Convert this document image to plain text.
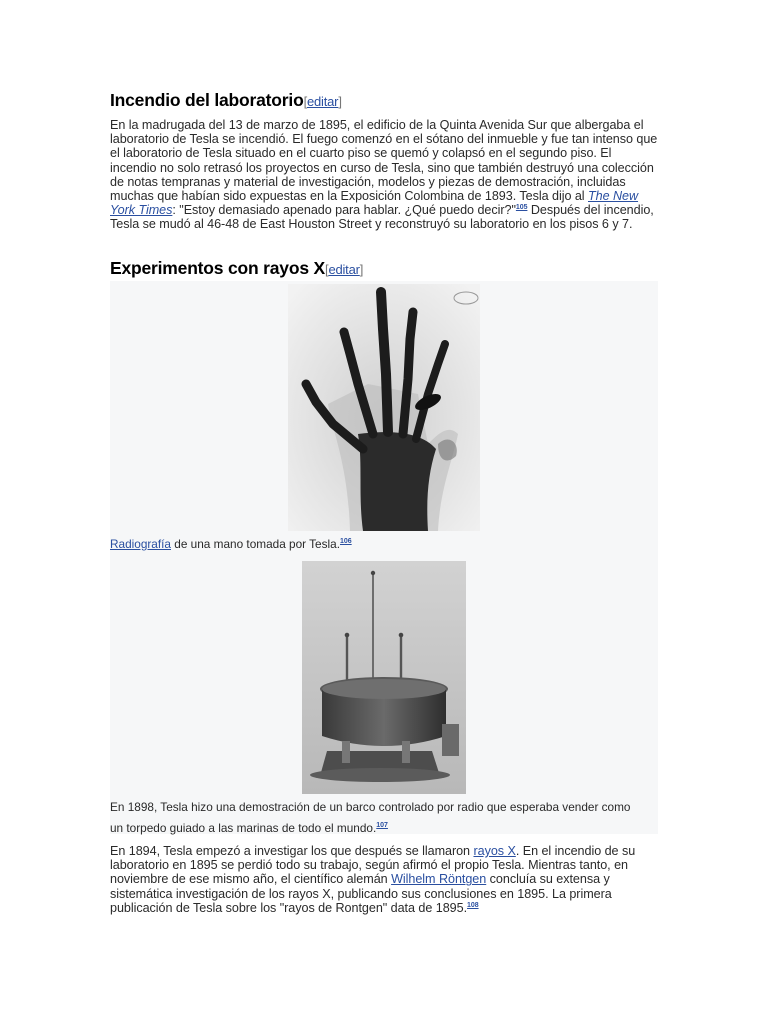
Incendio del laboratorio[editar]

En la madrugada del 13 de marzo de 1895, el edificio de la Quinta Avenida Sur que albergaba el laboratorio de Tesla se incendió. El fuego comenzó en el sótano del inmueble y fue tan intenso que el laboratorio de Tesla situado en el cuarto piso se quemó y colapsó en el segundo piso. El incendio no solo retrasó los proyectos en curso de Tesla, sino que también destruyó una colección de notas tempranas y material de investigación, modelos y piezas de demostración, incluidas muchas que habían sido expuestas en la Exposición Colombina de 1893. Tesla dijo al The New York Times: "Estoy demasiado apenado para hablar. ¿Qué puedo decir?"$^{105}$ Después del incendio, Tesla se mudó al 46-48 de East Houston Street y reconstruyó su laboratorio en los pisos 6 y 7.

Experimentos con rayos X[editar]
Radiografía de una mano tomada por Tesla.$^{106}$
En 1898, Tesla hizo una demostración de un barco controlado por radio que esperaba vender como
un torpedo guiado a las marinas de todo el mundo.$^{107}$

En 1894, Tesla empezó a investigar los que después se llamaron rayos X. En el incendio de su laboratorio en 1895 se perdió todo su trabajo, según afirmó el propio Tesla. Mientras tanto, en noviembre de ese mismo año, el científico alemán Wilhelm Röntgen concluía su extensa y sistemática investigación de los rayos X, publicando sus conclusiones en 1895. La primera publicación de Tesla sobre los "rayos de Rontgen" data de 1895.$^{108}$
